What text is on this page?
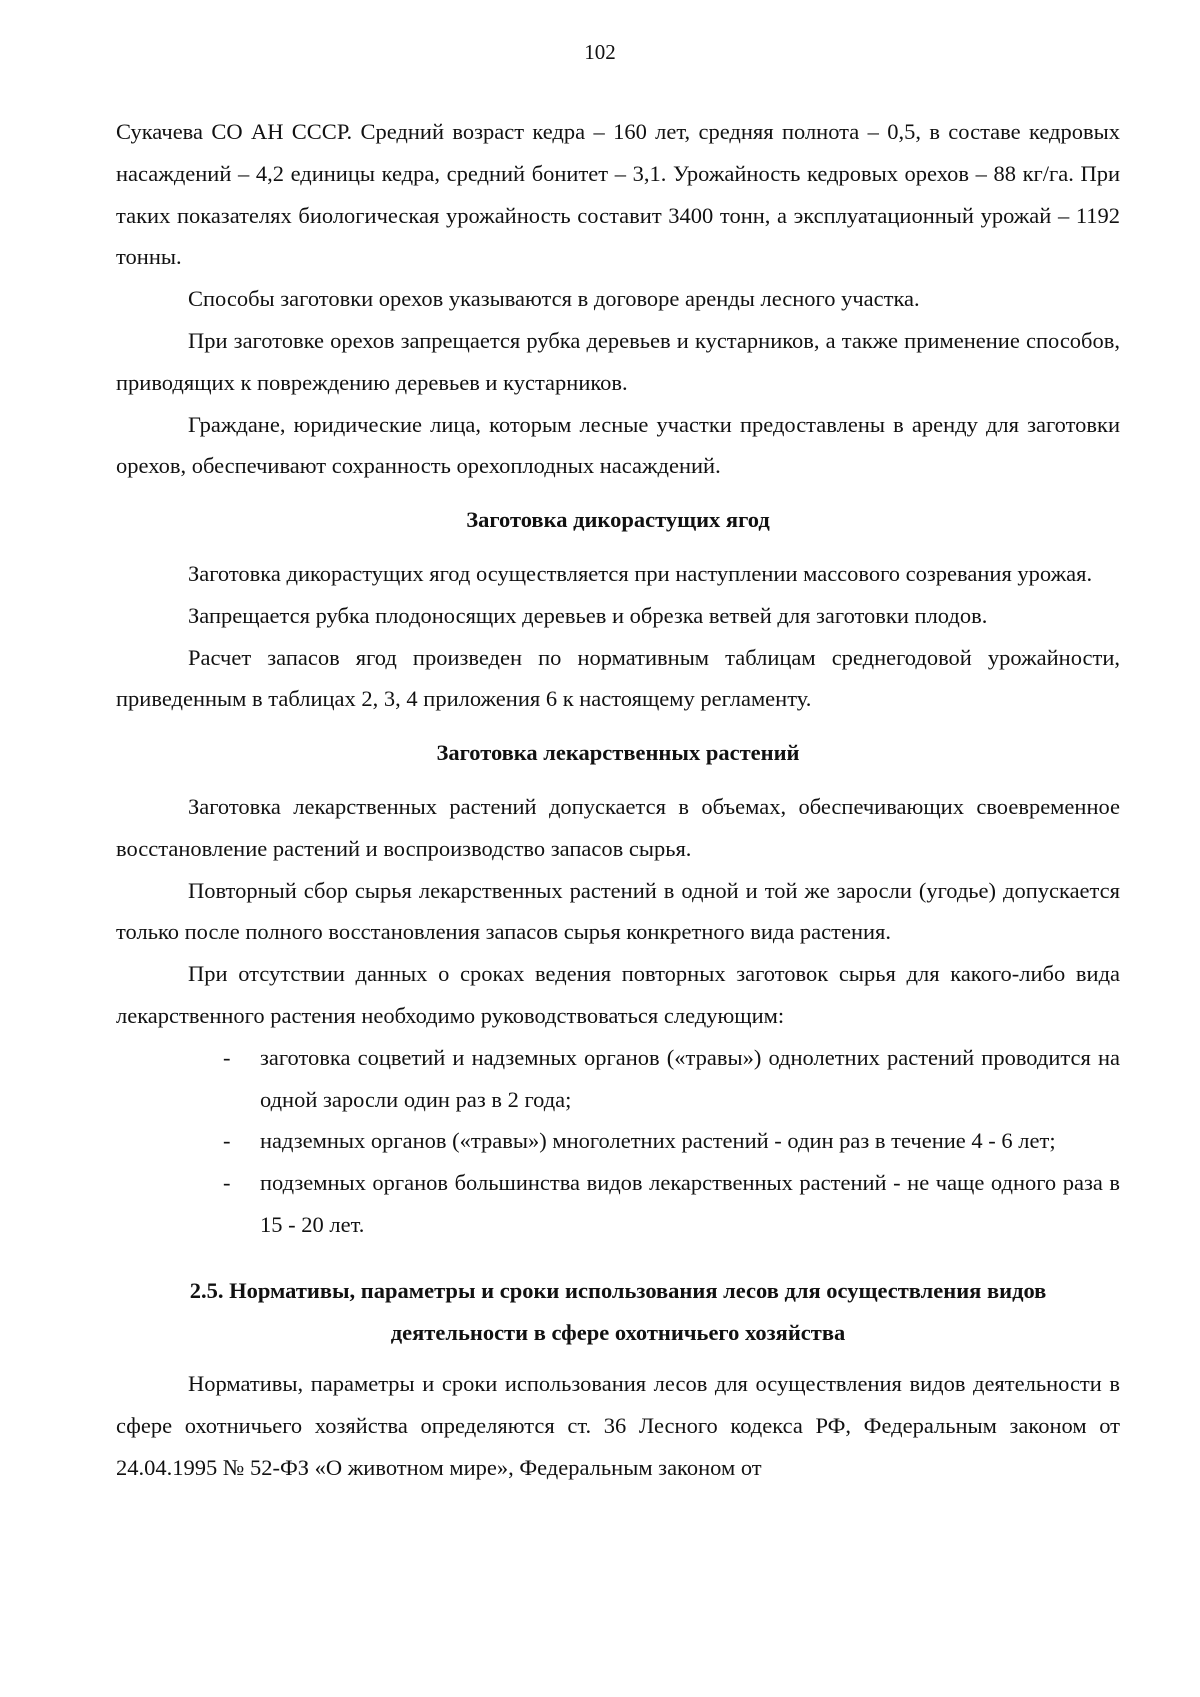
102

Сукачева СО АН СССР. Средний возраст кедра – 160 лет, средняя полнота – 0,5, в составе кедровых насаждений – 4,2 единицы кедра, средний бонитет – 3,1. Урожайность кедровых орехов – 88 кг/га. При таких показателях биологическая урожайность составит 3400 тонн, а эксплуатационный урожай – 1192 тонны.

Способы заготовки орехов указываются в договоре аренды лесного участка.

При заготовке орехов запрещается рубка деревьев и кустарников, а также применение способов, приводящих к повреждению деревьев и кустарников.

Граждане, юридические лица, которым лесные участки предоставлены в аренду для заготовки орехов, обеспечивают сохранность орехоплодных насаждений.

Заготовка дикорастущих ягод

Заготовка дикорастущих ягод осуществляется при наступлении массового созревания урожая.

Запрещается рубка плодоносящих деревьев и обрезка ветвей для заготовки плодов.

Расчет запасов ягод произведен по нормативным таблицам среднегодовой урожайности, приведенным в таблицах 2, 3, 4 приложения 6 к настоящему регламенту.

Заготовка лекарственных растений

Заготовка лекарственных растений допускается в объемах, обеспечивающих своевременное восстановление растений и воспроизводство запасов сырья.

Повторный сбор сырья лекарственных растений в одной и той же заросли (угодье) допускается только после полного восстановления запасов сырья конкретного вида растения.

При отсутствии данных о сроках ведения повторных заготовок сырья для какого-либо вида лекарственного растения необходимо руководствоваться следующим:

- заготовка соцветий и надземных органов («травы») однолетних растений проводится на одной заросли один раз в 2 года;
- надземных органов («травы») многолетних растений - один раз в течение 4 - 6 лет;
- подземных органов большинства видов лекарственных растений - не чаще одного раза в 15 - 20 лет.
2.5. Нормативы, параметры и сроки использования лесов для осуществления видов
деятельности в сфере охотничьего хозяйства

Нормативы, параметры и сроки использования лесов для осуществления видов деятельности в сфере охотничьего хозяйства определяются ст. 36 Лесного кодекса РФ, Федеральным законом от 24.04.1995 № 52-ФЗ «О животном мире», Федеральным законом от
